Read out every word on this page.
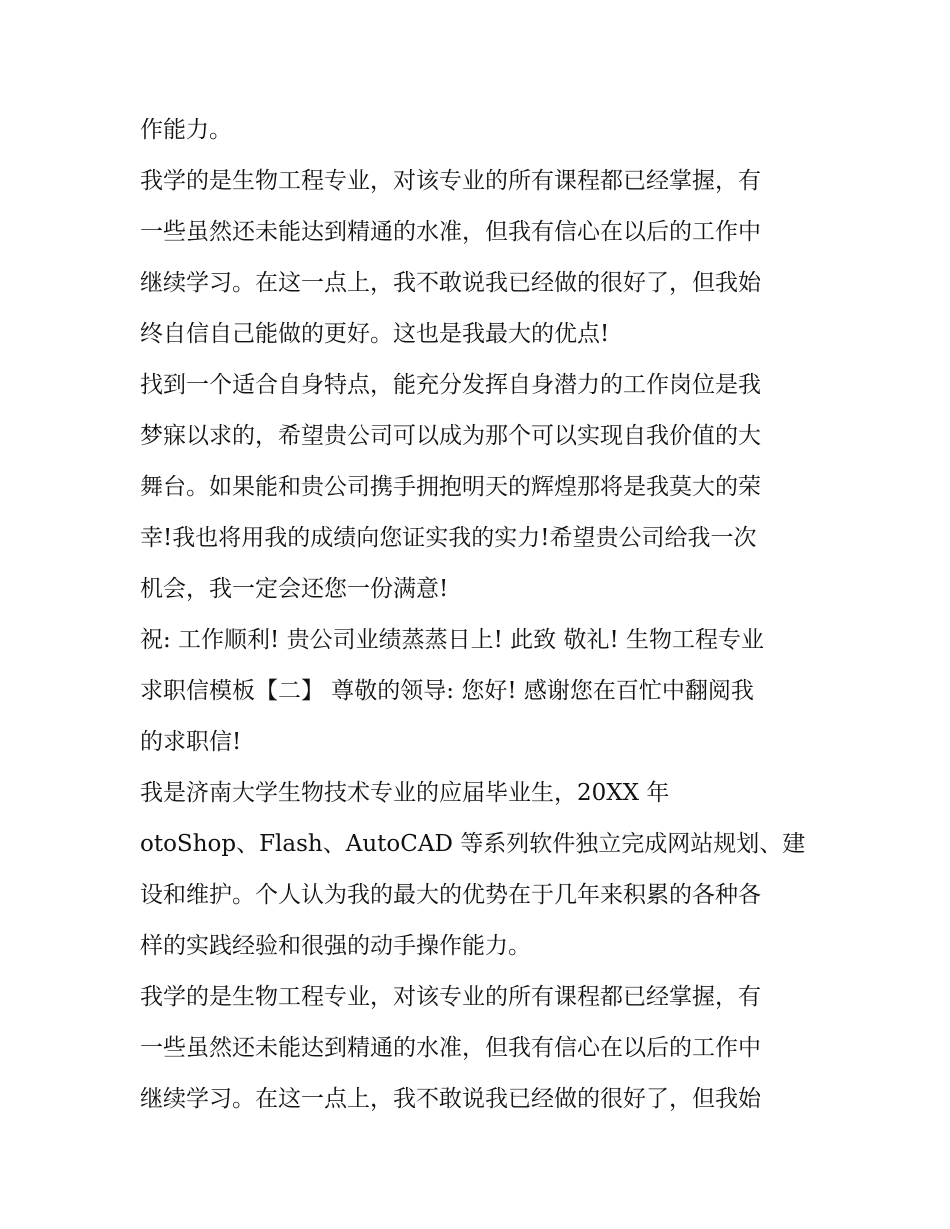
作能力。
我学的是生物工程专业，对该专业的所有课程都已经掌握，有
一些虽然还未能达到精通的水准，但我有信心在以后的工作中
继续学习。在这一点上，我不敢说我已经做的很好了，但我始
终自信自己能做的更好。这也是我最大的优点!
找到一个适合自身特点，能充分发挥自身潜力的工作岗位是我
梦寐以求的，希望贵公司可以成为那个可以实现自我价值的大
舞台。如果能和贵公司携手拥抱明天的辉煌那将是我莫大的荣
幸!我也将用我的成绩向您证实我的实力!希望贵公司给我一次
机会，我一定会还您一份满意!
祝: 工作顺利! 贵公司业绩蒸蒸日上! 此致 敬礼! 生物工程专业
求职信模板【二】 尊敬的领导: 您好! 感谢您在百忙中翻阅我
的求职信!
我是济南大学生物技术专业的应届毕业生，20XX 年
otoShop、Flash、AutoCAD 等系列软件独立完成网站规划、建
设和维护。个人认为我的最大的优势在于几年来积累的各种各
样的实践经验和很强的动手操作能力。
我学的是生物工程专业，对该专业的所有课程都已经掌握，有
一些虽然还未能达到精通的水准，但我有信心在以后的工作中
继续学习。在这一点上，我不敢说我已经做的很好了，但我始
